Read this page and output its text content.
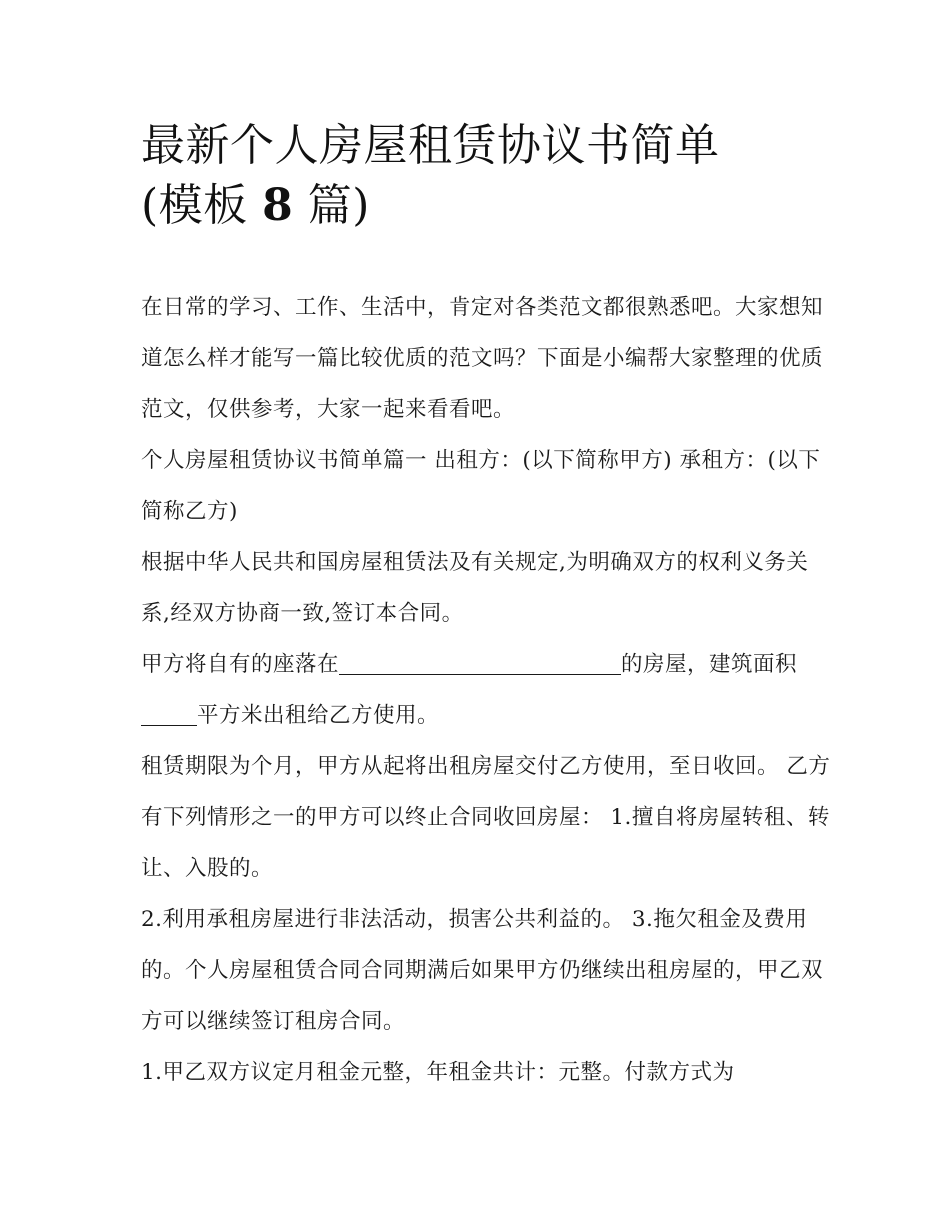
最新个人房屋租赁协议书简单
(模板 8 篇)

在日常的学习、工作、生活中，肯定对各类范文都很熟悉吧。大家想知道怎么样才能写一篇比较优质的范文吗？下面是小编帮大家整理的优质范文，仅供参考，大家一起来看看吧。

个人房屋租赁协议书简单篇一 出租方：(以下简称甲方) 承租方：(以下简称乙方)

根据中华人民共和国房屋租赁法及有关规定,为明确双方的权利义务关系,经双方协商一致,签订本合同。

甲方将自有的座落在	的房屋，建筑面积平方米出租给乙方使用。

租赁期限为个月，甲方从起将出租房屋交付乙方使用，至日收回。 乙方有下列情形之一的甲方可以终止合同收回房屋： 1.擅自将房屋转租、转让、入股的。

2.利用承租房屋进行非法活动，损害公共利益的。 3.拖欠租金及费用的。个人房屋租赁合同合同期满后如果甲方仍继续出租房屋的，甲乙双方可以继续签订租房合同。

1.甲乙双方议定月租金元整，年租金共计：元整。付款方式为
